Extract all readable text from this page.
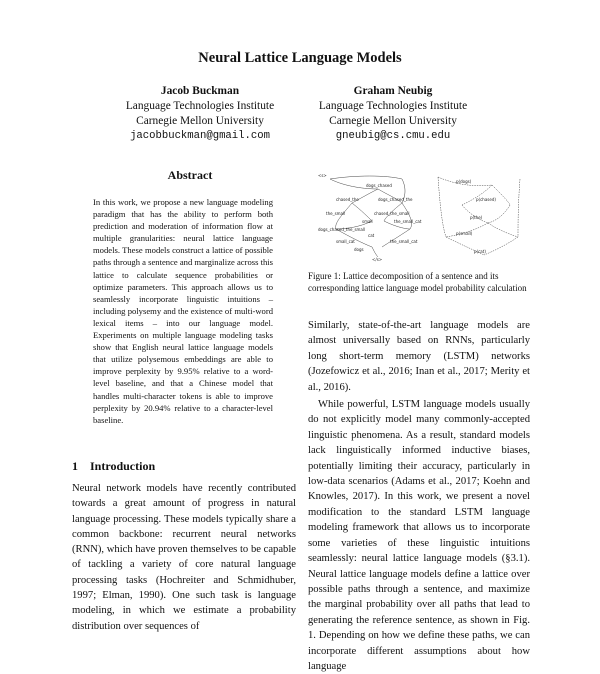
Neural Lattice Language Models
Jacob Buckman
Language Technologies Institute
Carnegie Mellon University
jacobbuckman@gmail.com
Graham Neubig
Language Technologies Institute
Carnegie Mellon University
gneubig@cs.cmu.edu
Abstract
In this work, we propose a new language modeling paradigm that has the ability to perform both prediction and moderation of information flow at multiple granularities: neural lattice language models. These models construct a lattice of possible paths through a sentence and marginalize across this lattice to calculate sequence probabilities or optimize parameters. This approach allows us to seamlessly incorporate linguistic intuitions – including polysemy and the existence of multi-word lexical items – into our language model. Experiments on multiple language modeling tasks show that English neural lattice language models that utilize polysemous embeddings are able to improve perplexity by 9.95% relative to a word-level baseline, and that a Chinese model that handles multi-character tokens is able to improve perplexity by 20.94% relative to a character-level baseline.
1 Introduction
Neural network models have recently contributed towards a great amount of progress in natural language processing. These models typically share a common backbone: recurrent neural networks (RNN), which have proven themselves to be capable of tackling a variety of core natural language processing tasks (Hochreiter and Schmidhuber, 1997; Elman, 1990). One such task is language modeling, in which we estimate a probability distribution over sequences of
<s>
dogs_chased
chased_the	dogs_chased_the
the_small	chased_the_small
small	the_small_cat
dogs_chased_the_small
cat
small_cat	the_small_cat
dogs
</s>
p(dogs)
p(chased)
p(the)
p(small)
p(cat)
Figure 1: Lattice decomposition of a sentence and its corresponding lattice language model probability calculation

Similarly, state-of-the-art language models are almost universally based on RNNs, particularly long short-term memory (LSTM) networks (Jozefowicz et al., 2016; Inan et al., 2017; Merity et al., 2016).

While powerful, LSTM language models usually do not explicitly model many commonly-accepted linguistic phenomena. As a result, standard models lack linguistically informed inductive biases, potentially limiting their accuracy, particularly in low-data scenarios (Adams et al., 2017; Koehn and Knowles, 2017). In this work, we present a novel modification to the standard LSTM language modeling framework that allows us to incorporate some varieties of these linguistic intuitions seamlessly: neural lattice language models (§3.1). Neural lattice language models define a lattice over possible paths through a sentence, and maximize the marginal probability over all paths that lead to generating the reference sentence, as shown in Fig. 1. Depending on how we define these paths, we can incorporate different assumptions about how language
